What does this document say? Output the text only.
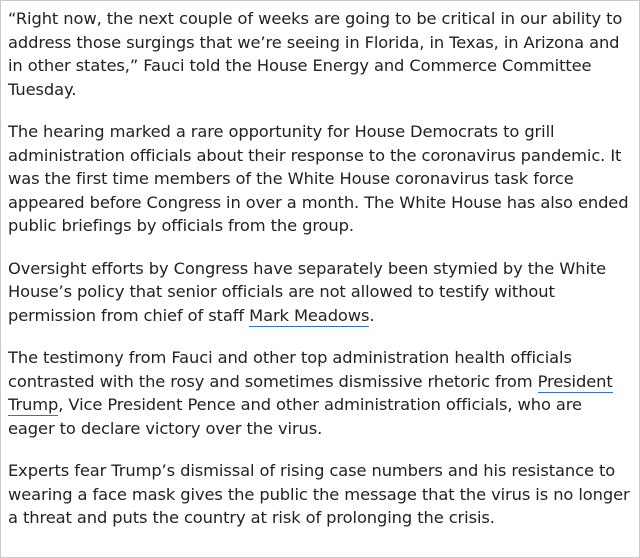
“Right now, the next couple of weeks are going to be critical in our ability to address those surgings that we’re seeing in Florida, in Texas, in Arizona and in other states,” Fauci told the House Energy and Commerce Committee Tuesday.

The hearing marked a rare opportunity for House Democrats to grill administration officials about their response to the coronavirus pandemic. It was the first time members of the White House coronavirus task force appeared before Congress in over a month. The White House has also ended public briefings by officials from the group.

Oversight efforts by Congress have separately been stymied by the White House’s policy that senior officials are not allowed to testify without permission from chief of staff Mark Meadows.

The testimony from Fauci and other top administration health officials contrasted with the rosy and sometimes dismissive rhetoric from President Trump, Vice President Pence and other administration officials, who are eager to declare victory over the virus.

Experts fear Trump’s dismissal of rising case numbers and his resistance to wearing a face mask gives the public the message that the virus is no longer a threat and puts the country at risk of prolonging the crisis.
